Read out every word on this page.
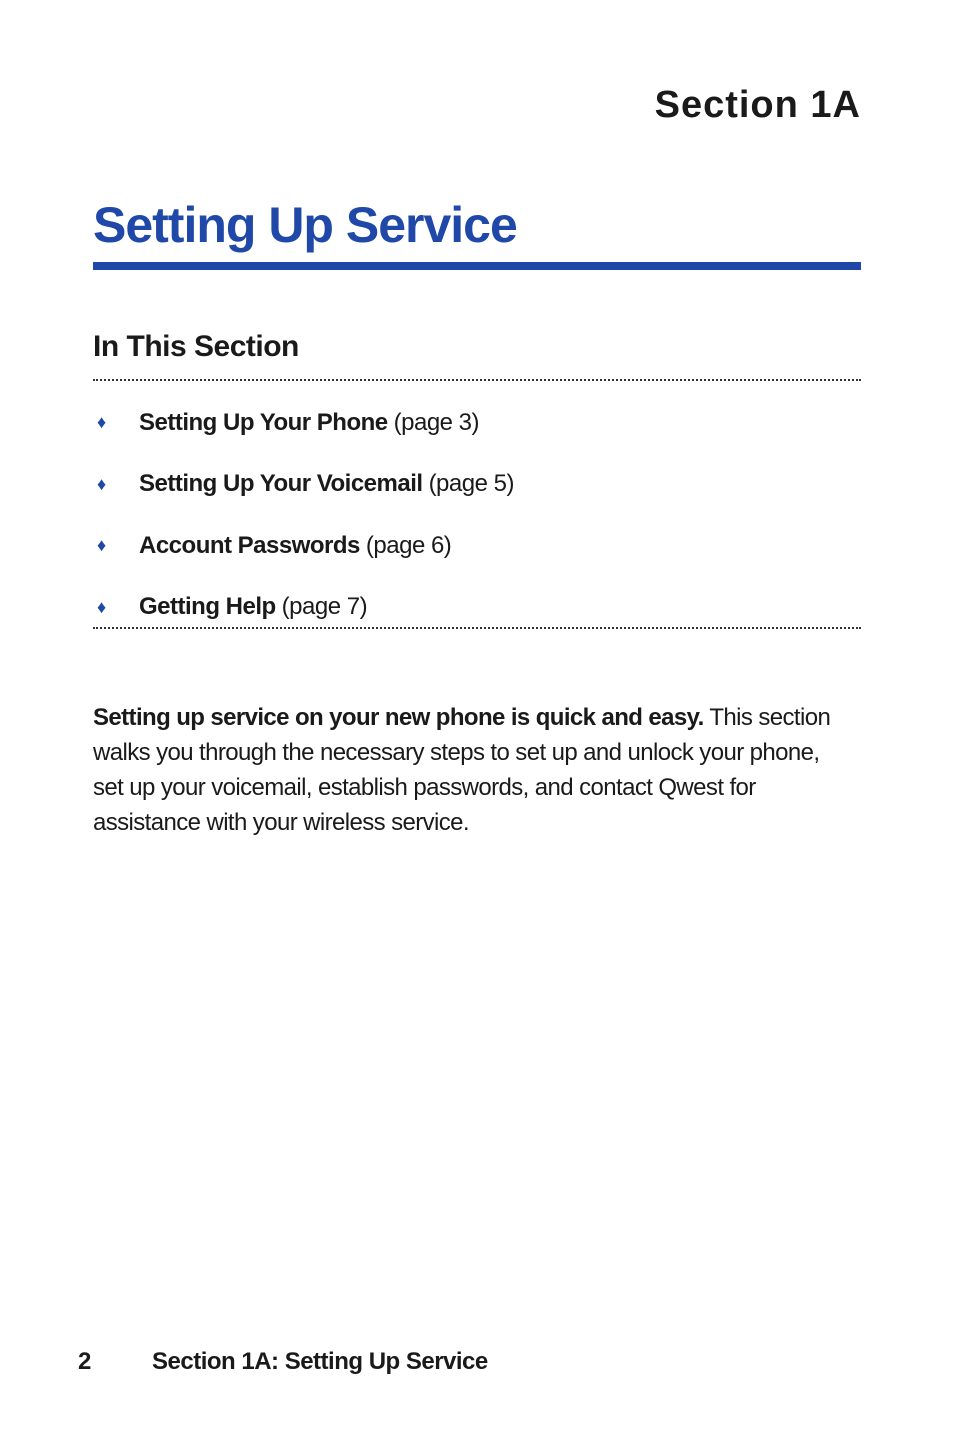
Section 1A
Setting Up Service
In This Section
♦	Setting Up Your Phone (page 3)
♦	Setting Up Your Voicemail (page 5)
♦	Account Passwords (page 6)
♦	Getting Help (page 7)

Setting up service on your new phone is quick and easy. This section walks you through the necessary steps to set up and unlock your phone, set up your voicemail, establish passwords, and contact Qwest for assistance with your wireless service.

2	Section 1A: Setting Up Service
